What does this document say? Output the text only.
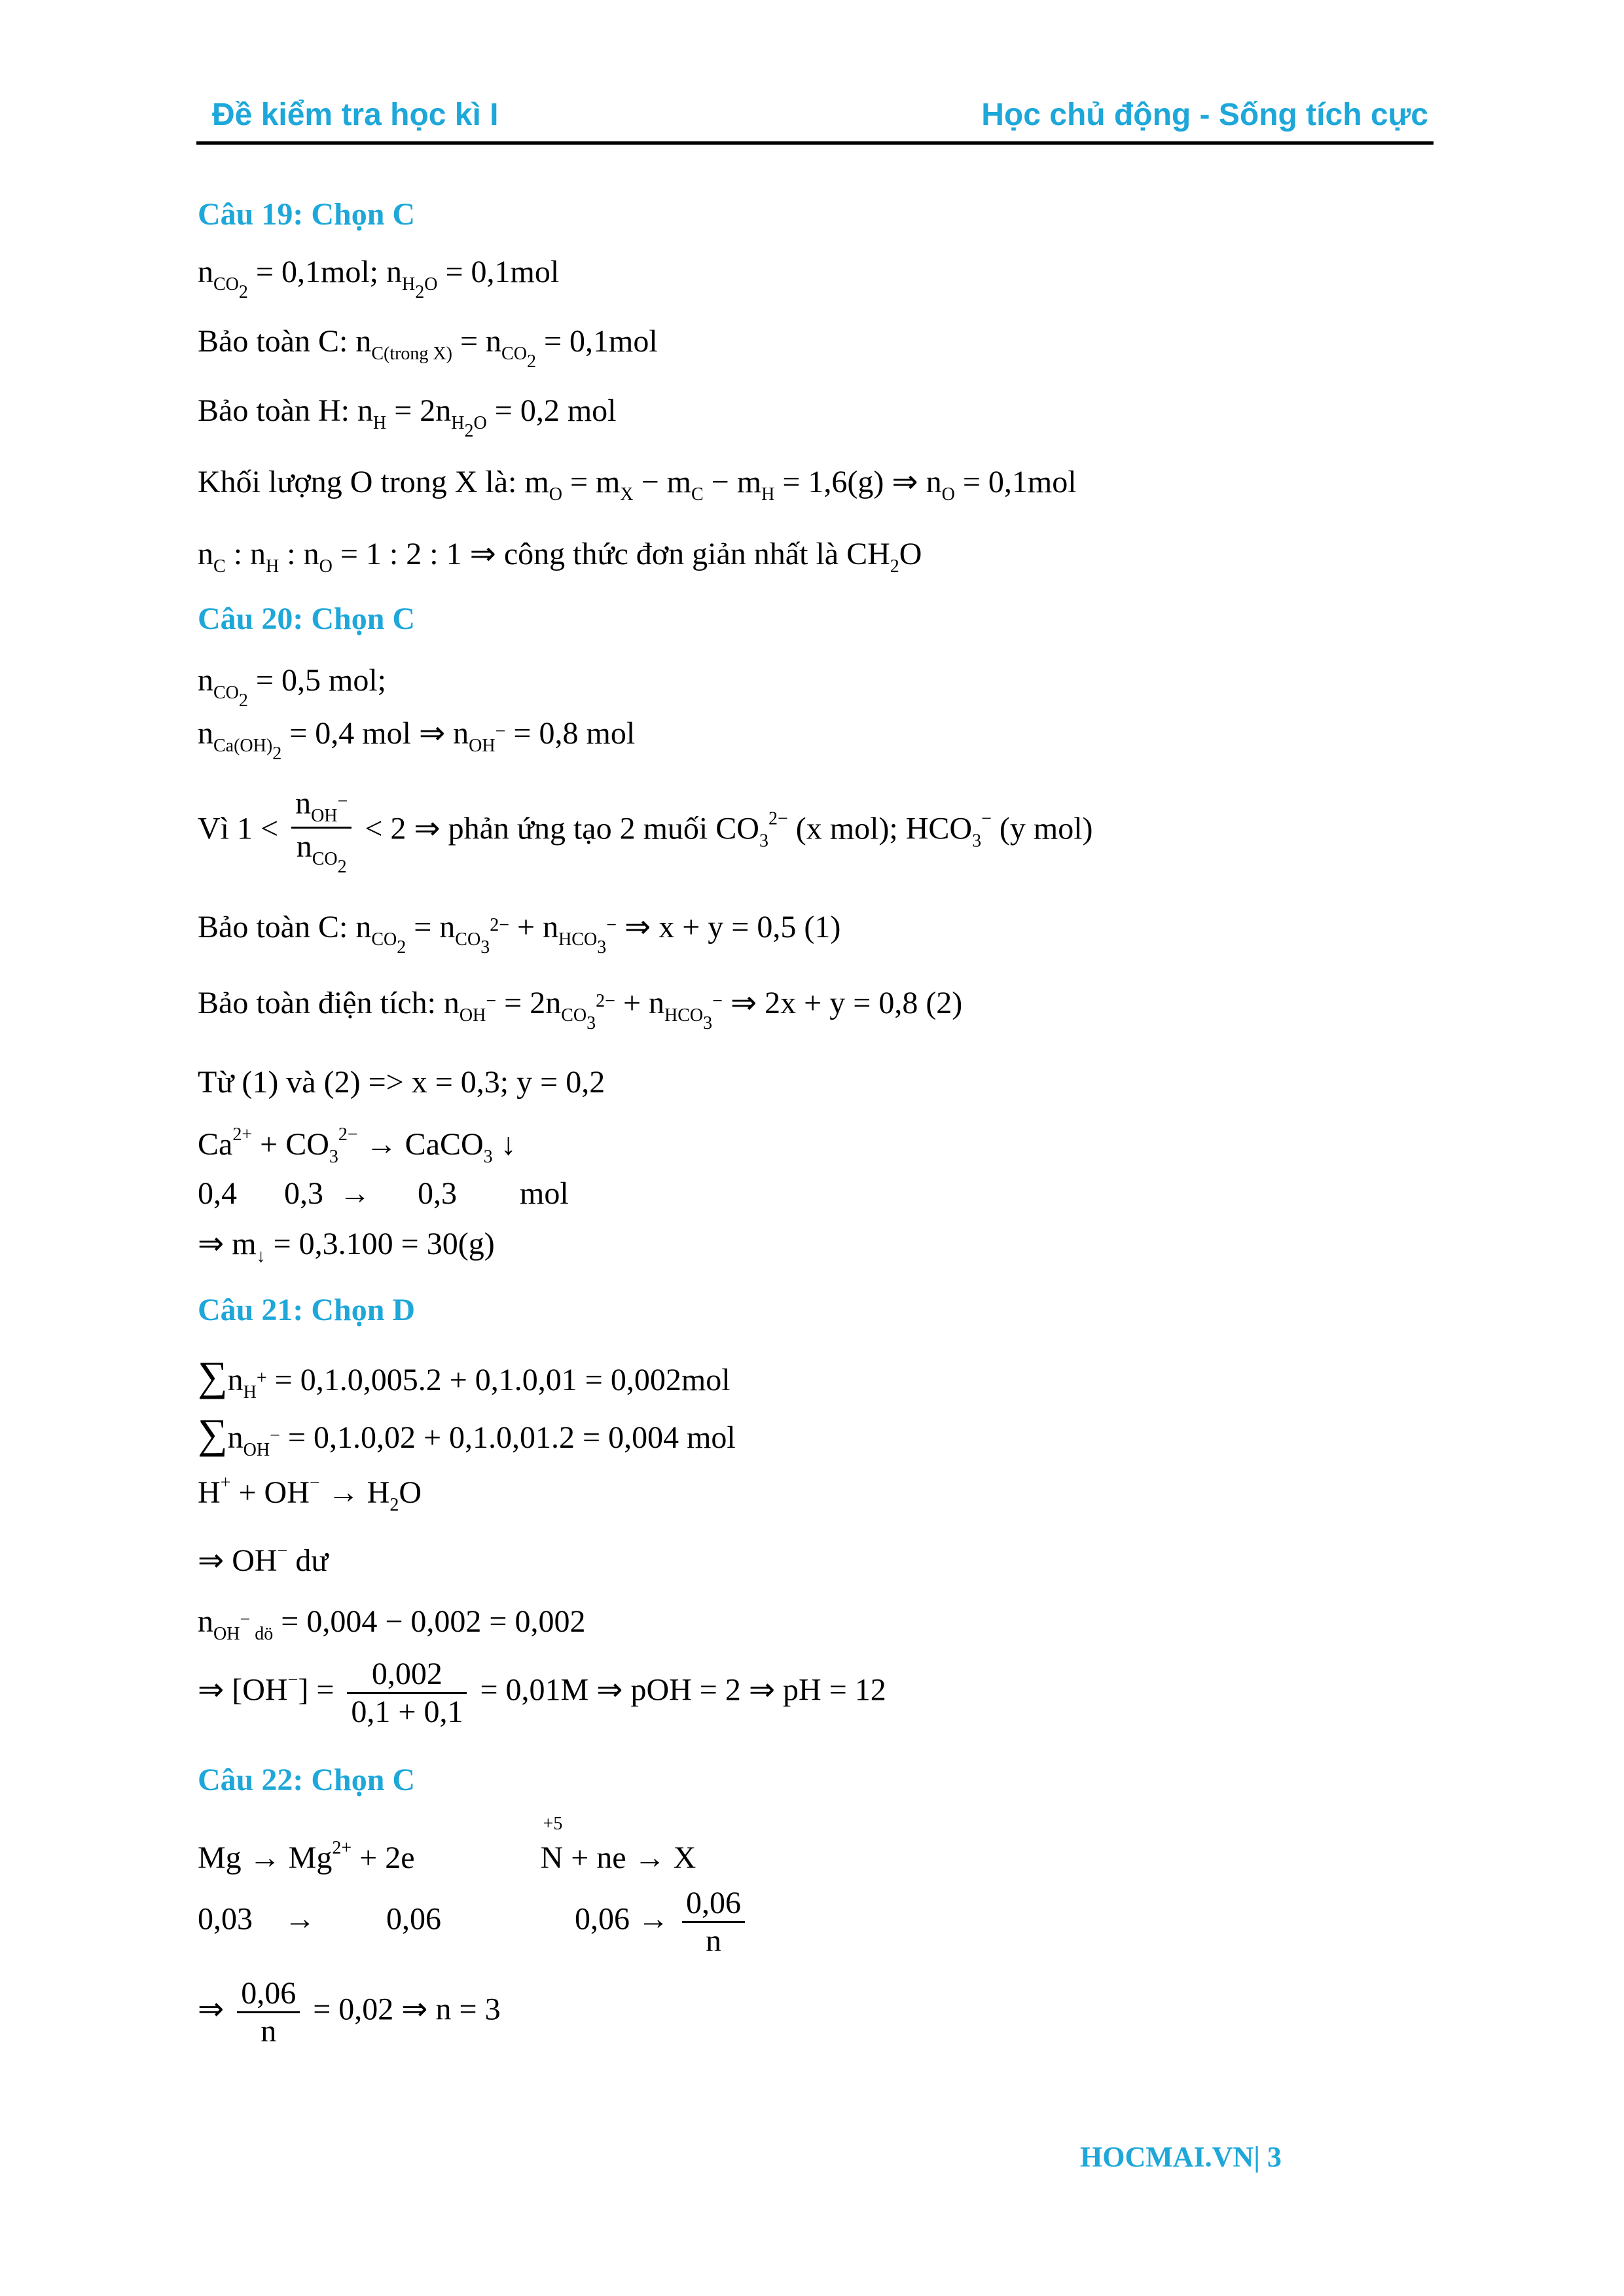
Đề kiểm tra học kì I	Học chủ động - Sống tích cực
Câu 19: Chọn C
$n_{CO_2} = 0,1mol$; $n_{H_2O} = 0,1mol$
Bảo toàn C: $n_{C(trong X)} = n_{CO_2} = 0,1mol$
Bảo toàn H: $n_H = 2n_{H_2O} = 0,2$ mol
Khối lượng O trong X là: $m_O = m_X - m_C - m_H = 1,6(g)$ ⇒ $n_O = 0,1mol$
$n_C$ : $n_H$ : $n_O = 1$ : 2 : 1 ⇒ công thức đơn giản nhất là $CH_2O$
Câu 20: Chọn C
$n_{CO_2} = 0,5$ mol;
$n_{Ca(OH)_2} = 0,4$ mol ⇒ $n_{OH^-} = 0,8$ mol
Vì $1 < \frac{n_{OH^-}}{n_{CO_2}} < 2$ ⇒ phản ứng tạo 2 muối $CO_3^{2-}$ (x mol); $HCO_3^-$ (y mol)
Bảo toàn C: $n_{CO_2} = n_{CO_3^{2-}} + n_{HCO_3^-}$ ⇒ x + y = 0,5 (1)
Bảo toàn điện tích: $n_{OH^-} = 2n_{CO_3^{2-}} + n_{HCO_3^-}$ ⇒ 2x + y = 0,8 (2)
Từ (1) và (2) => x = 0,3; y = 0,2
$Ca^{2+} + CO_3^{2-}$ → CaCO$_3$ ↓
0,4      0,3  →      0,3        mol
⇒ $m_↓ = 0,3.100 = 30(g)$
Câu 21: Chọn D
$\sum n_{H^+} = 0,1.0,005.2 + 0,1.0,01 = 0,002mol$
$\sum n_{OH^-} = 0,1.0,02 + 0,1.0,01.2 = 0,004$ mol
$H^+ + OH^- \to H_2O$
⇒ OH− dư
$n_{OH^- dö} = 0,004 - 0,002 = 0,002$
⇒ $[OH^-] = \frac{0,002}{0,1 + 0,1} = 0,01M$ ⇒ pOH = 2 ⇒ pH = 12
Câu 22: Chọn C
$Mg \to Mg^{2+} + 2e$	N
+5
+ ne → X
0,03    →         0,06	$0,06 \to \frac{0,06}{n}$
⇒ $\frac{0,06}{n} = 0,02$ ⇒ n = 3
HOCMAI.VN| 3
